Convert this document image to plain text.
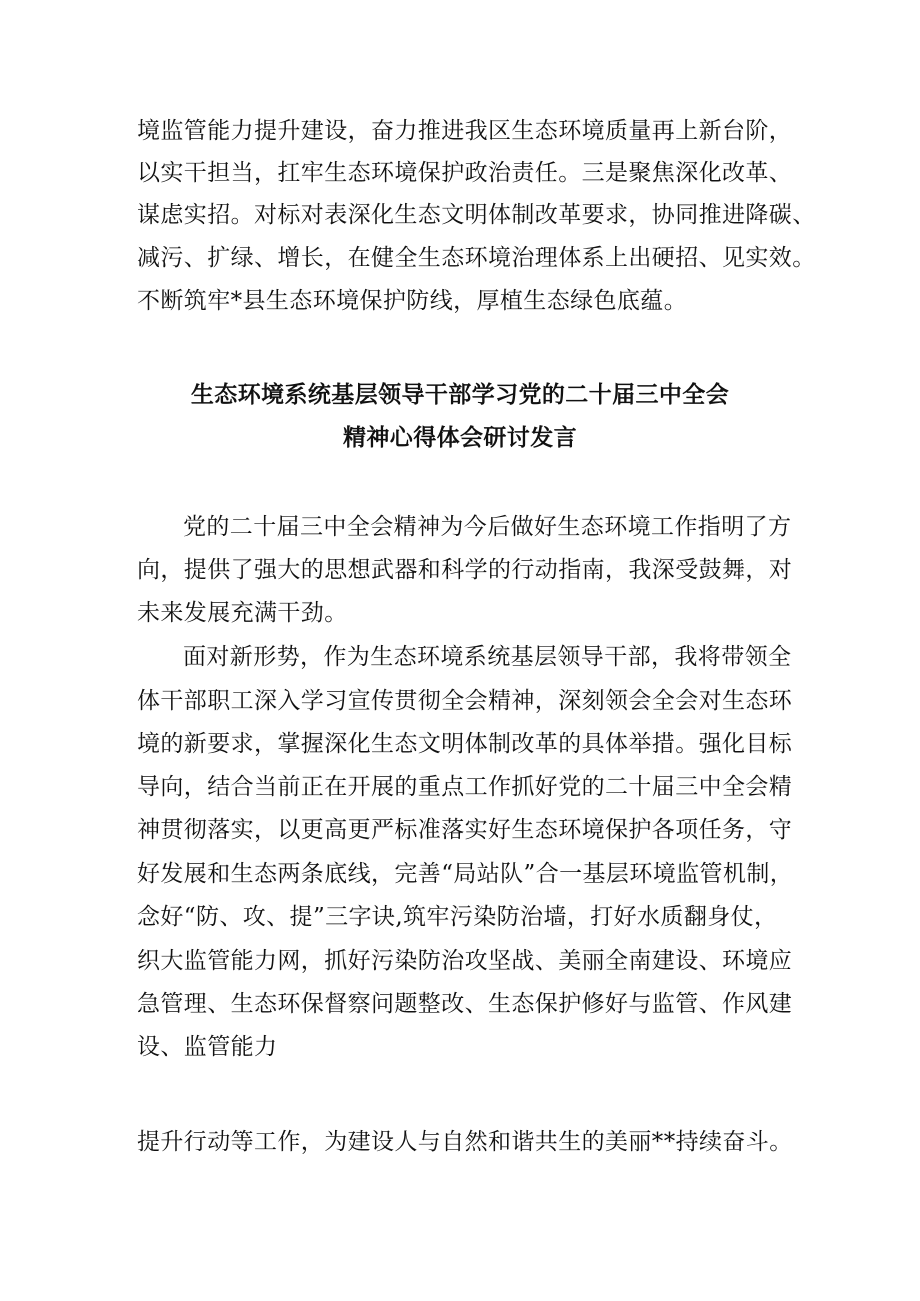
境监管能力提升建设，奋力推进我区生态环境质量再上新台阶，
以实干担当，扛牢生态环境保护政治责任。三是聚焦深化改革、
谋虑实招。对标对表深化生态文明体制改革要求，协同推进降碳、
减污、扩绿、增长，在健全生态环境治理体系上出硬招、见实效。
不断筑牢*县生态环境保护防线，厚植生态绿色底蕴。
生态环境系统基层领导干部学习党的二十届三中全会
精神心得体会研讨发言
党的二十届三中全会精神为今后做好生态环境工作指明了方
向，提供了强大的思想武器和科学的行动指南，我深受鼓舞，对
未来发展充满干劲。
面对新形势，作为生态环境系统基层领导干部，我将带领全
体干部职工深入学习宣传贯彻全会精神，深刻领会全会对生态环
境的新要求，掌握深化生态文明体制改革的具体举措。强化目标
导向，结合当前正在开展的重点工作抓好党的二十届三中全会精
神贯彻落实，以更高更严标准落实好生态环境保护各项任务，守
好发展和生态两条底线，完善“局站队”合一基层环境监管机制，
念好“防、攻、提”三字诀,筑牢污染防治墙，打好水质翻身仗，
织大监管能力网，抓好污染防治攻坚战、美丽全南建设、环境应
急管理、生态环保督察问题整改、生态保护修好与监管、作风建
设、监管能力
提升行动等工作，为建设人与自然和谐共生的美丽**持续奋斗。
